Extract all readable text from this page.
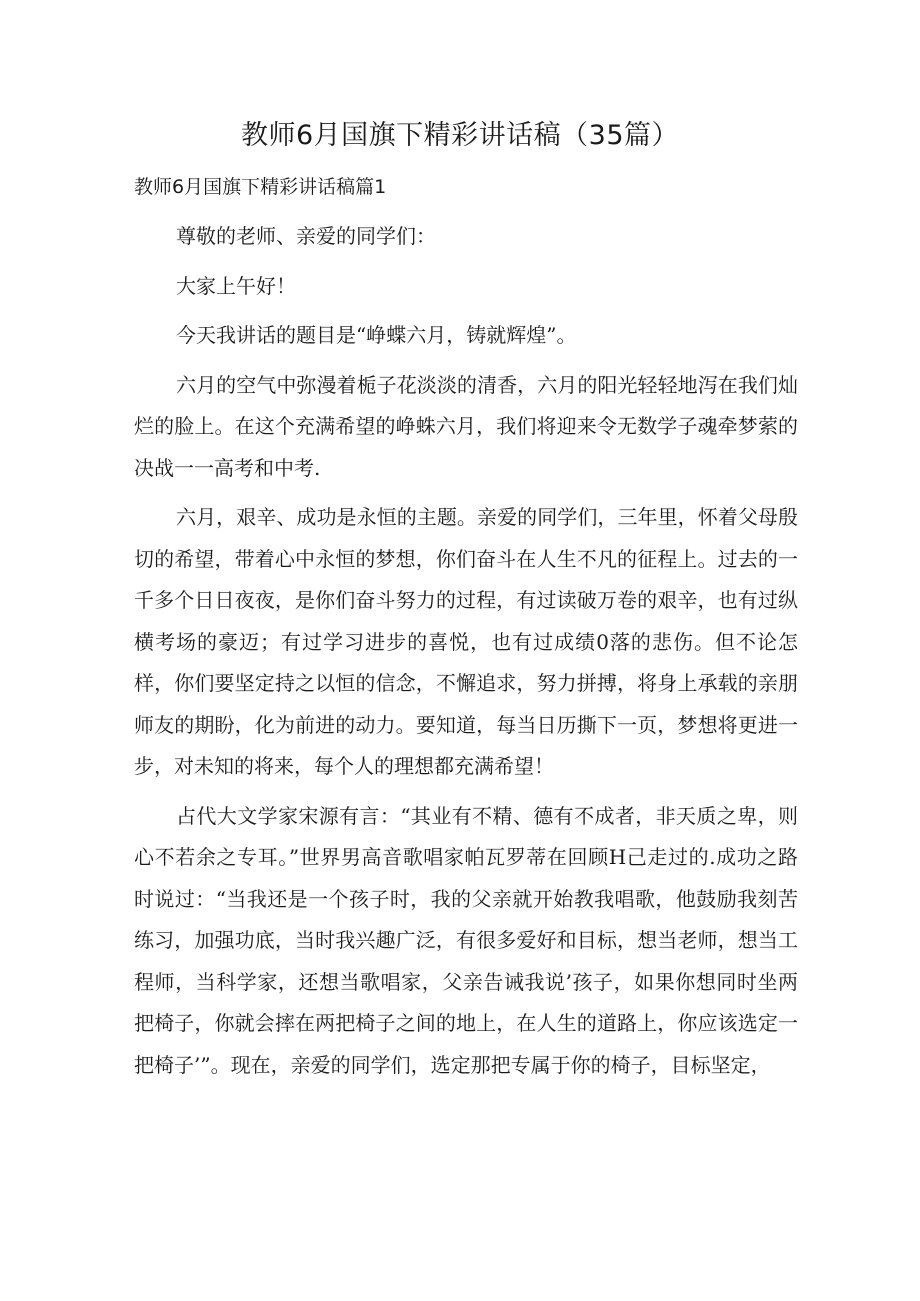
教师6月国旗下精彩讲话稿（35篇）
教师6月国旗下精彩讲话稿篇1

尊敬的老师、亲爱的同学们：

大家上午好！

今天我讲话的题目是“峥蝶六月，铸就辉煌”。

六月的空气中弥漫着栀子花淡淡的清香，六月的阳光轻轻地泻在我们灿烂的脸上。在这个充满希望的峥蛛六月，我们将迎来令无数学子魂牵梦萦的决战一一高考和中考.

六月，艰辛、成功是永恒的主题。亲爱的同学们，三年里，怀着父母殷切的希望，带着心中永恒的梦想，你们奋斗在人生不凡的征程上。过去的一千多个日日夜夜，是你们奋斗努力的过程，有过读破万卷的艰辛，也有过纵横考场的豪迈；有过学习进步的喜悦，也有过成绩0落的悲伤。但不论怎样，你们要坚定持之以恒的信念，不懈追求，努力拼搏，将身上承载的亲朋师友的期盼，化为前进的动力。要知道，每当日历撕下一页，梦想将更进一步，对未知的将来，每个人的理想都充满希望！

占代大文学家宋源有言：“其业有不精、德有不成者，非天质之卑，则心不若余之专耳。”世界男高音歌唱家帕瓦罗蒂在回顾H己走过的.成功之路时说过：“当我还是一个孩子时，我的父亲就开始教我唱歌，他鼓励我刻苦练习，加强功底，当时我兴趣广泛，有很多爱好和目标，想当老师，想当工程师，当科学家，还想当歌唱家，父亲告诫我说’孩子，如果你想同时坐两把椅子，你就会摔在两把椅子之间的地上，在人生的道路上，你应该选定一把椅子’”。现在，亲爱的同学们，选定那把专属于你的椅子，目标坚定，
